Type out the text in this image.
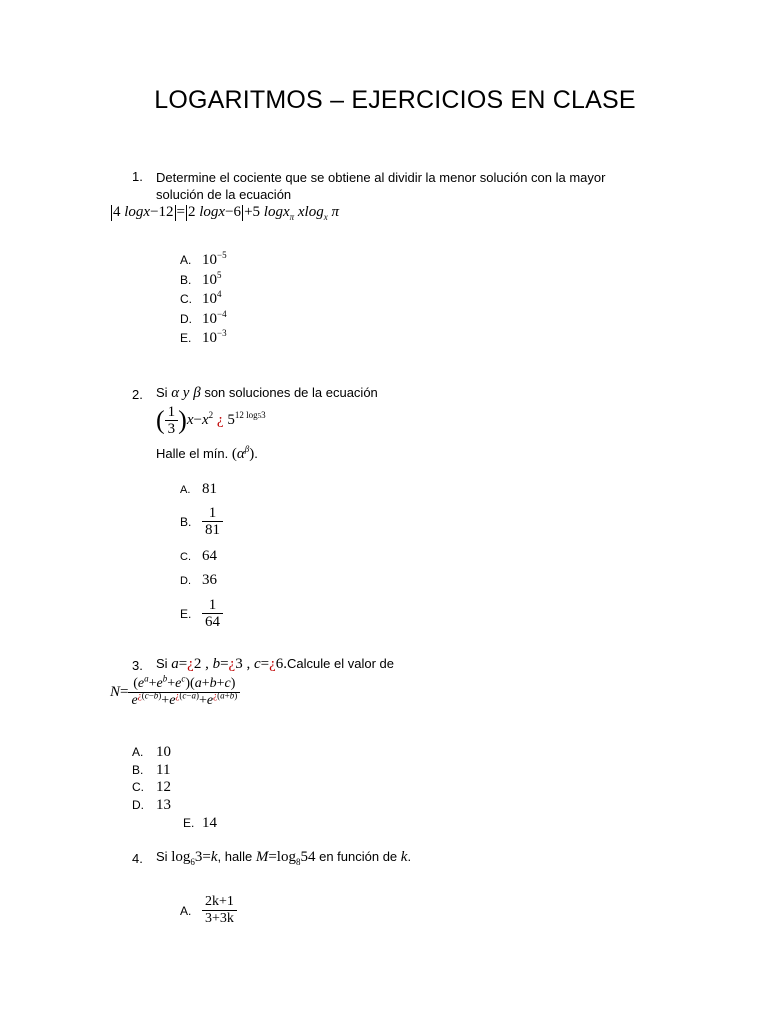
LOGARITMOS – EJERCICIOS EN CLASE
1. Determine el cociente que se obtiene al dividir la menor solución con la mayor solución de la ecuación
4 logx−12 = 2 logx−6 +5 logx$_\pi$ xlog$_x$ π
A. $10^{-5}$
B. $10^5$
C. $10^4$
D. $10^{-4}$
E. $10^{-3}$
2. Si α y β son soluciones de la ecuación
( $\frac{1}{3} )x-x^2$ ¿ $5^{12 log53}$
Halle el mín. $(\alpha^\beta)$.
A. 81
B. $\frac{1}{81}$
C. 64
D. 36
E. $\frac{1}{64}$
3. Si a=¿2 , b=¿3 , c=¿6.Calcule el valor de
$N= \frac{(e^a+e^b+e^c)(a+b+c)}{e^{¿(c-b)}+e^{¿(c-a)}+e^{¿(a+b)}}$
A. 10
B. 11
C. 12
D. 13
E. 14
4. Si $\log_63=k$, halle $M=\log_854$ en función de k.
A. $\frac{2k+1}{3+3k}$
